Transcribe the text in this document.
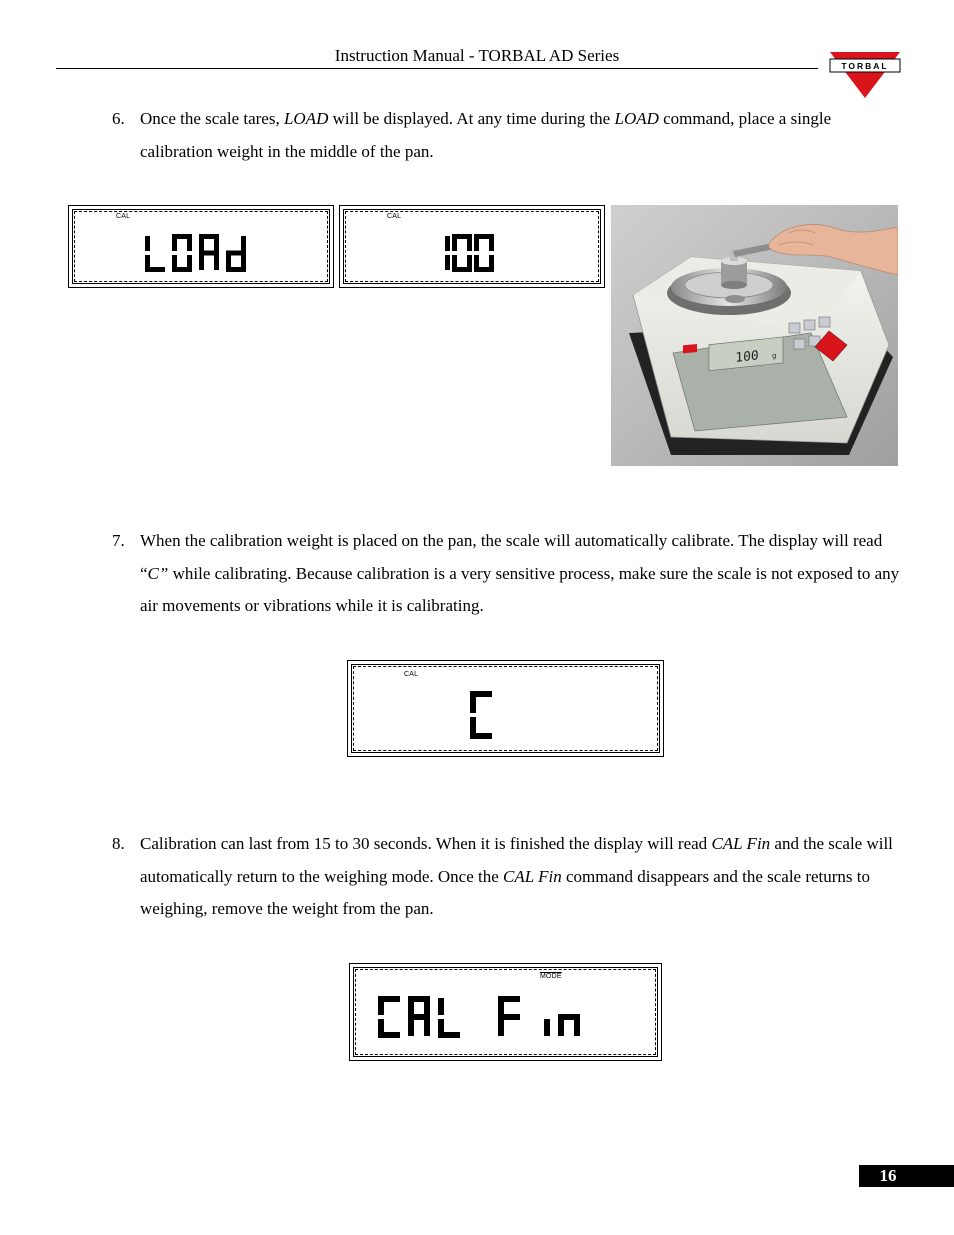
Instruction Manual - TORBAL AD Series
TORBAL
6. Once the scale tares, LOAD will be displayed. At any time during the LOAD command, place a single calibration weight in the middle of the pan.
CAL	CAL
100 g
7. When the calibration weight is placed on the pan, the scale will automatically calibrate. The display will read “C” while calibrating. Because calibration is a very sensitive process, make sure the scale is not exposed to any air movements or vibrations while it is calibrating.
CAL
8. Calibration can last from 15 to 30 seconds. When it is finished the display will read CAL Fin and the scale will automatically return to the weighing mode. Once the CAL Fin command disappears and the scale returns to weighing, remove the weight from the pan.
MODE
16
